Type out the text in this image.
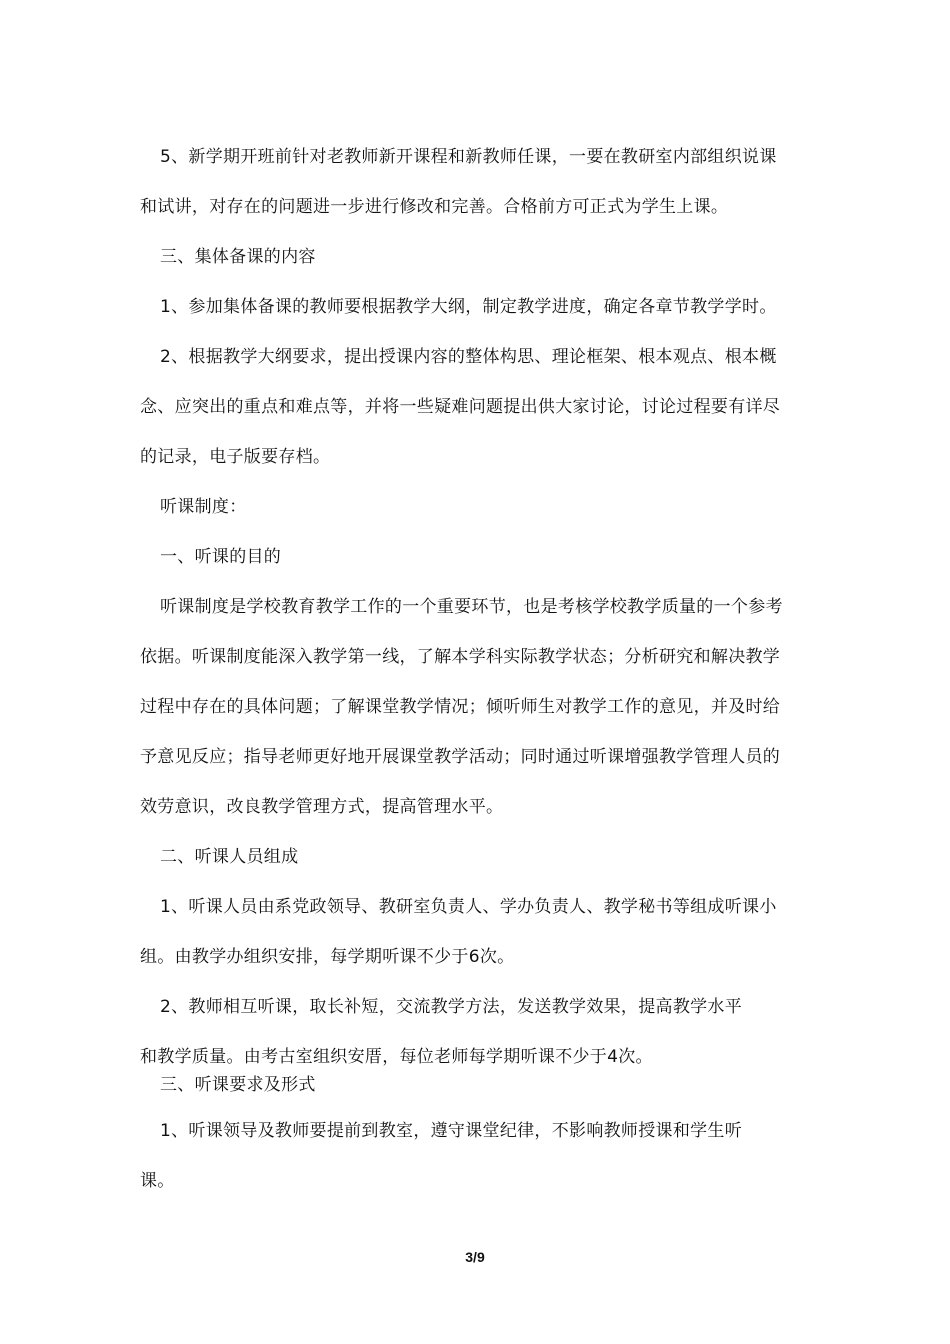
5、新学期开班前针对老教师新开课程和新教师任课，一要在教研室内部组织说课
和试讲，对存在的问题进一步进行修改和完善。合格前方可正式为学生上课。
三、集体备课的内容
1、参加集体备课的教师要根据教学大纲，制定教学进度，确定各章节教学学时。
2、根据教学大纲要求，提出授课内容的整体构思、理论框架、根本观点、根本概
念、应突出的重点和难点等，并将一些疑难问题提出供大家讨论，讨论过程要有详尽
的记录，电子版要存档。
听课制度：
一、听课的目的
听课制度是学校教育教学工作的一个重要环节，也是考核学校教学质量的一个参考
依据。听课制度能深入教学第一线，了解本学科实际教学状态；分析研究和解决教学
过程中存在的具体问题；了解课堂教学情况；倾听师生对教学工作的意见，并及时给
予意见反应；指导老师更好地开展课堂教学活动；同时通过听课增强教学管理人员的
效劳意识，改良教学管理方式，提高管理水平。
二、听课人员组成
1、听课人员由系党政领导、教研室负责人、学办负责人、教学秘书等组成听课小
组。由教学办组织安排，每学期听课不少于6次。
2、教师相互听课，取长补短，交流教学方法，发送教学效果，提高教学水平
和教学质量。由考古室组织安厝，每位老师每学期听课不少于4次。
三、听课要求及形式
1、听课领导及教师要提前到教室，遵守课堂纪律，不影响教师授课和学生听
课。
3/9
